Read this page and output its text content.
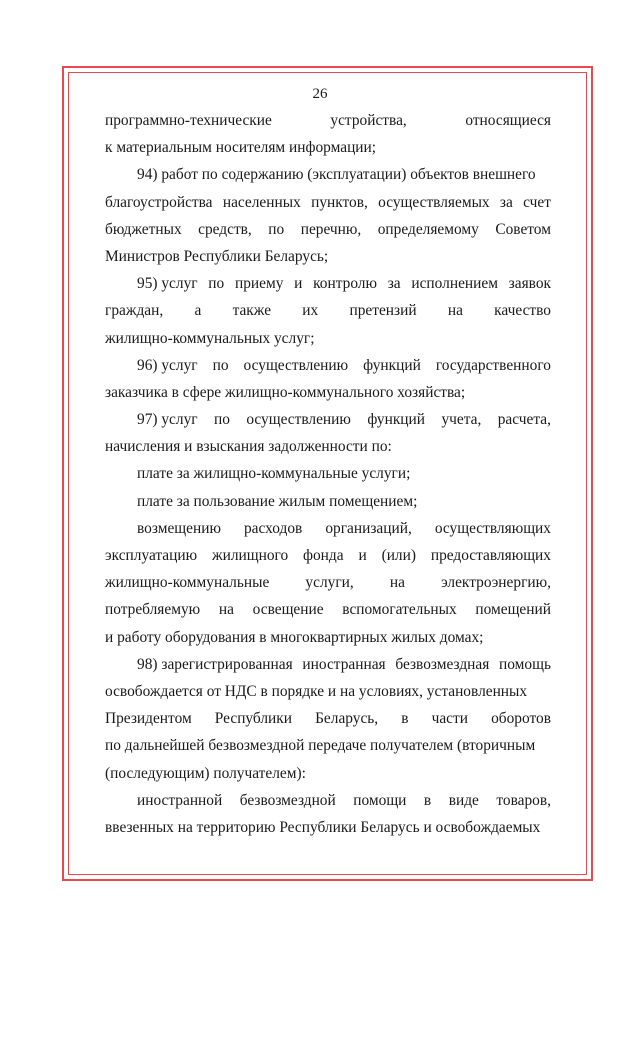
26
программно-технические	устройства,	относящиеся
к материальным носителям информации;
94) работ по содержанию (эксплуатации) объектов внешнего
благоустройства населенных пунктов, осуществляемых за счет
бюджетных средств, по перечню, определяемому Советом
Министров Республики Беларусь;
95) услуг по приему и контролю за исполнением заявок
граждан, а также их претензий на качество
жилищно-коммунальных услуг;
96) услуг по осуществлению функций государственного
заказчика в сфере жилищно-коммунального хозяйства;
97) услуг по осуществлению функций учета, расчета,
начисления и взыскания задолженности по:
плате за жилищно-коммунальные услуги;
плате за пользование жилым помещением;
возмещению расходов организаций, осуществляющих
эксплуатацию жилищного фонда и (или) предоставляющих
жилищно-коммунальные услуги, на электроэнергию,
потребляемую на освещение вспомогательных помещений
и работу оборудования в многоквартирных жилых домах;
98) зарегистрированная иностранная безвозмездная помощь
освобождается от НДС в порядке и на условиях, установленных
Президентом Республики Беларусь, в части оборотов
по дальнейшей безвозмездной передаче получателем (вторичным
(последующим) получателем):
иностранной безвозмездной помощи в виде товаров,
ввезенных на территорию Республики Беларусь и освобождаемых
